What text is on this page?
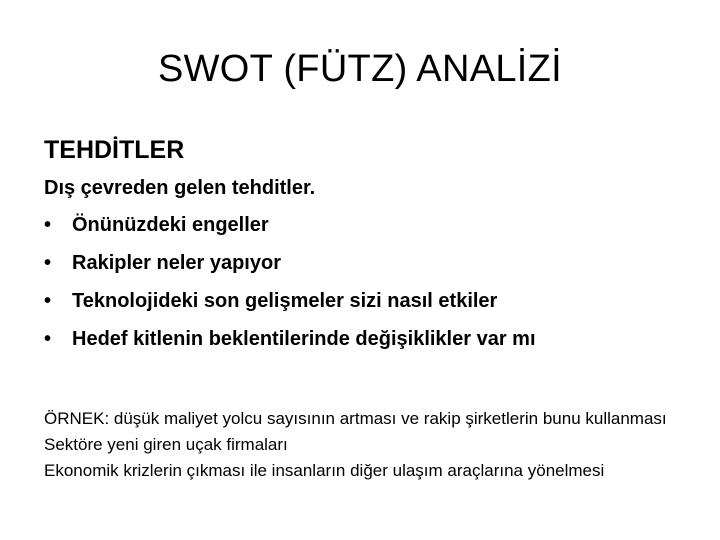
SWOT (FÜTZ) ANALİZİ
TEHDİTLER
Dış çevreden gelen tehditler.
• Önünüzdeki engeller
• Rakipler neler yapıyor
• Teknolojideki son gelişmeler sizi nasıl etkiler
• Hedef kitlenin beklentilerinde değişiklikler var mı

ÖRNEK: düşük maliyet yolcu sayısının artması ve rakip şirketlerin bunu kullanması

Sektöre yeni giren uçak firmaları

Ekonomik krizlerin çıkması ile insanların diğer ulaşım araçlarına yönelmesi
